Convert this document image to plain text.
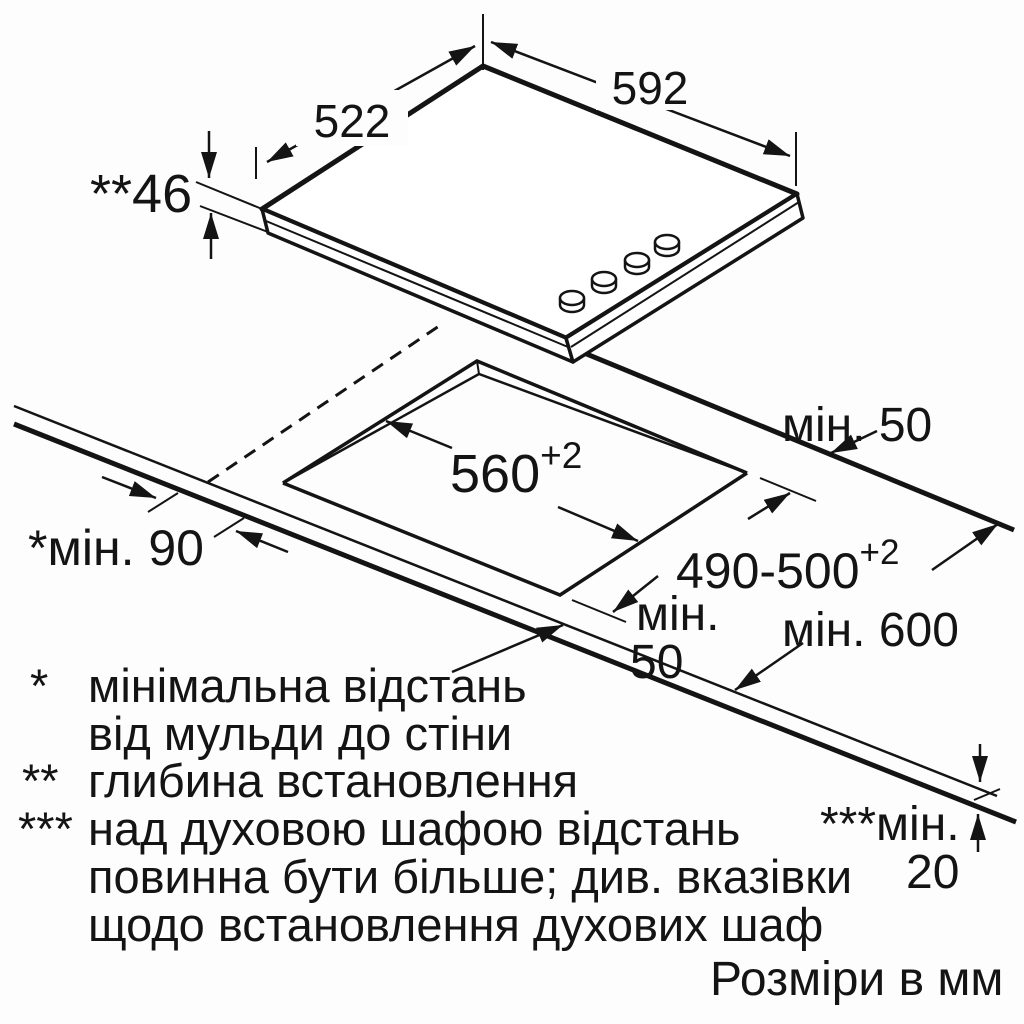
522
592
**46
$560^{+2}$
$490-500^{+2}$
*мін. 90
мін. 50
мін. 600
мін.
50
***мін.
20
* мінімальна відстань
від мульди до стіни
** глибина встановлення
*** над духовою шафою відстань
повинна бути більше; див. вказівки
щодо встановлення духових шаф
Розміри в мм
